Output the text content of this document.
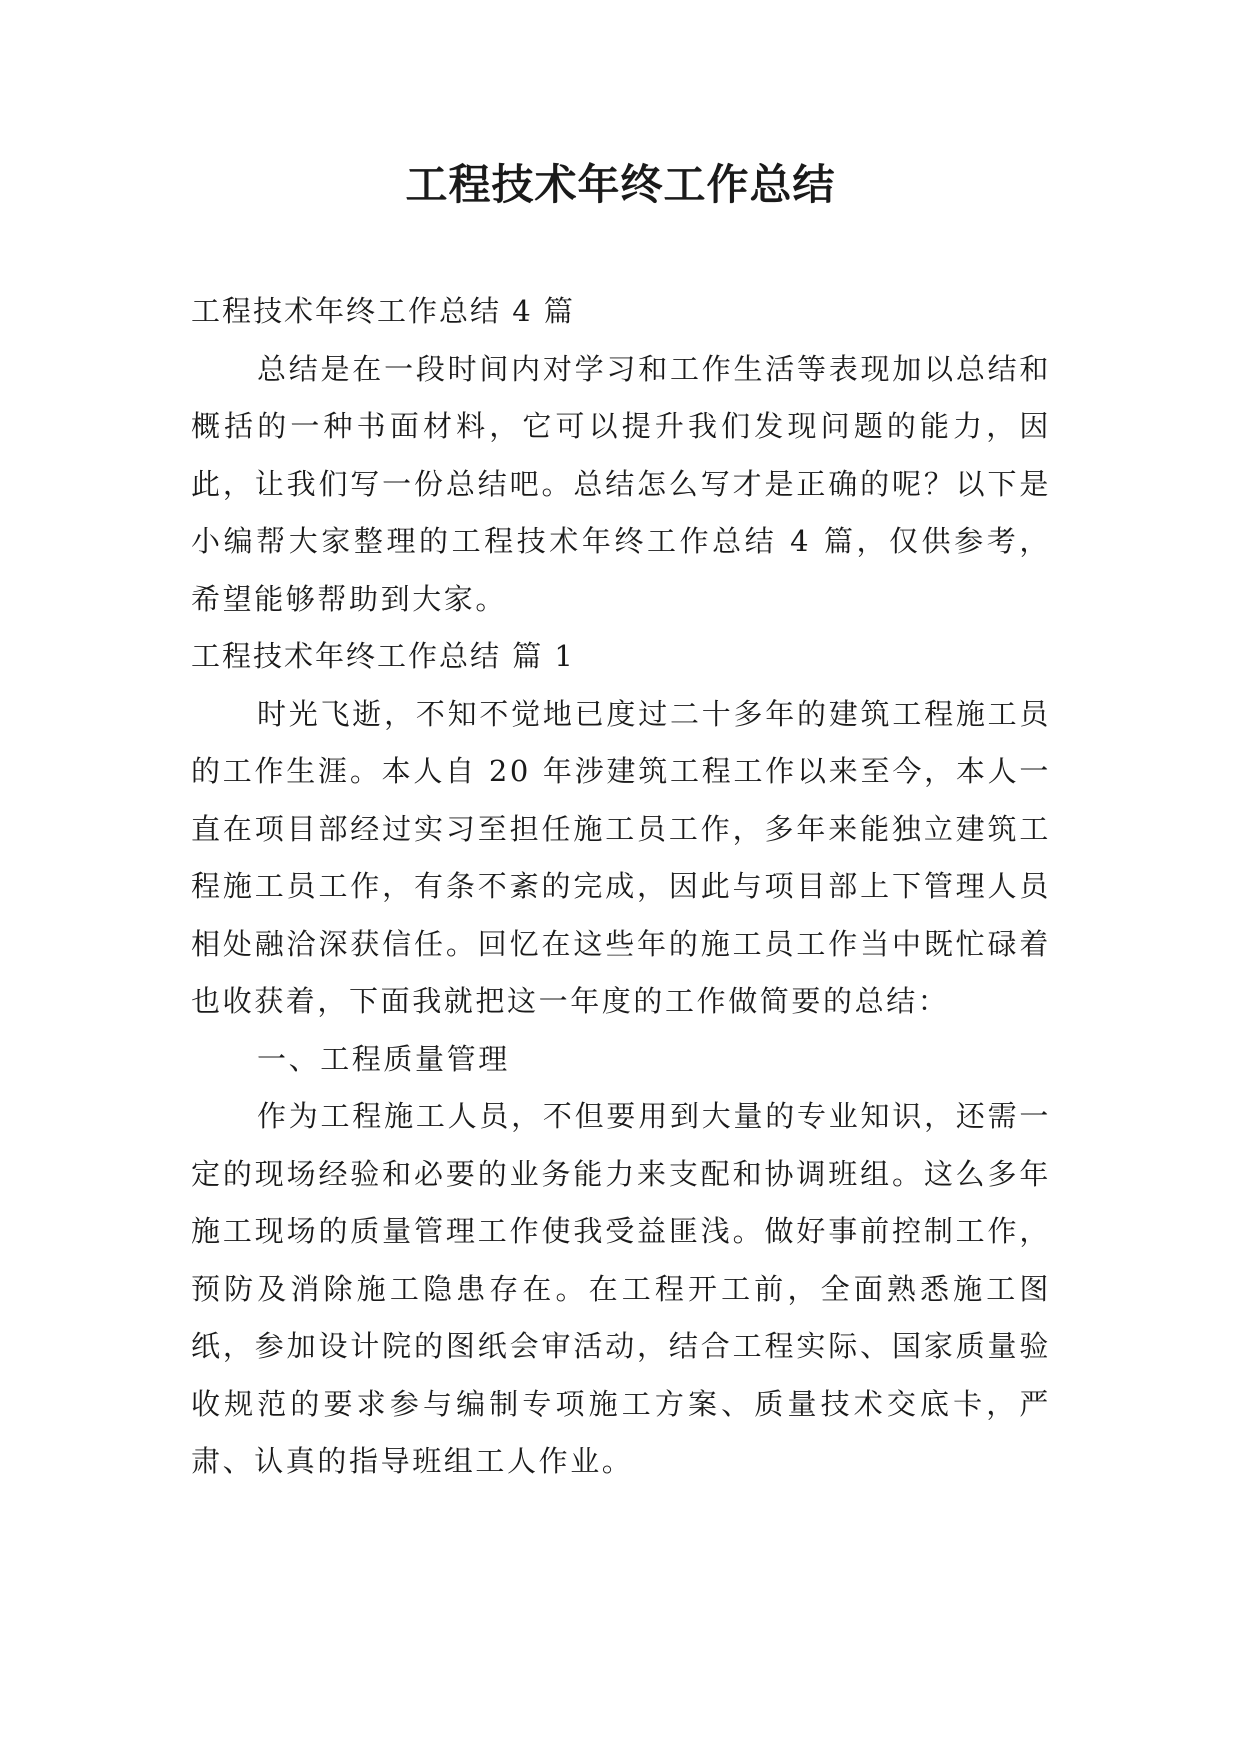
工程技术年终工作总结

工程技术年终工作总结 4 篇

总结是在一段时间内对学习和工作生活等表现加以总结和概括的一种书面材料，它可以提升我们发现问题的能力，因此，让我们写一份总结吧。总结怎么写才是正确的呢？以下是小编帮大家整理的工程技术年终工作总结 4 篇，仅供参考，希望能够帮助到大家。

工程技术年终工作总结 篇 1

时光飞逝，不知不觉地已度过二十多年的建筑工程施工员的工作生涯。本人自 20 年涉建筑工程工作以来至今，本人一直在项目部经过实习至担任施工员工作，多年来能独立建筑工程施工员工作，有条不紊的完成，因此与项目部上下管理人员相处融洽深获信任。回忆在这些年的施工员工作当中既忙碌着也收获着，下面我就把这一年度的工作做简要的总结：

一、工程质量管理

作为工程施工人员，不但要用到大量的专业知识，还需一定的现场经验和必要的业务能力来支配和协调班组。这么多年施工现场的质量管理工作使我受益匪浅。做好事前控制工作，预防及消除施工隐患存在。在工程开工前，全面熟悉施工图纸，参加设计院的图纸会审活动，结合工程实际、国家质量验收规范的要求参与编制专项施工方案、质量技术交底卡，严肃、认真的指导班组工人作业。
